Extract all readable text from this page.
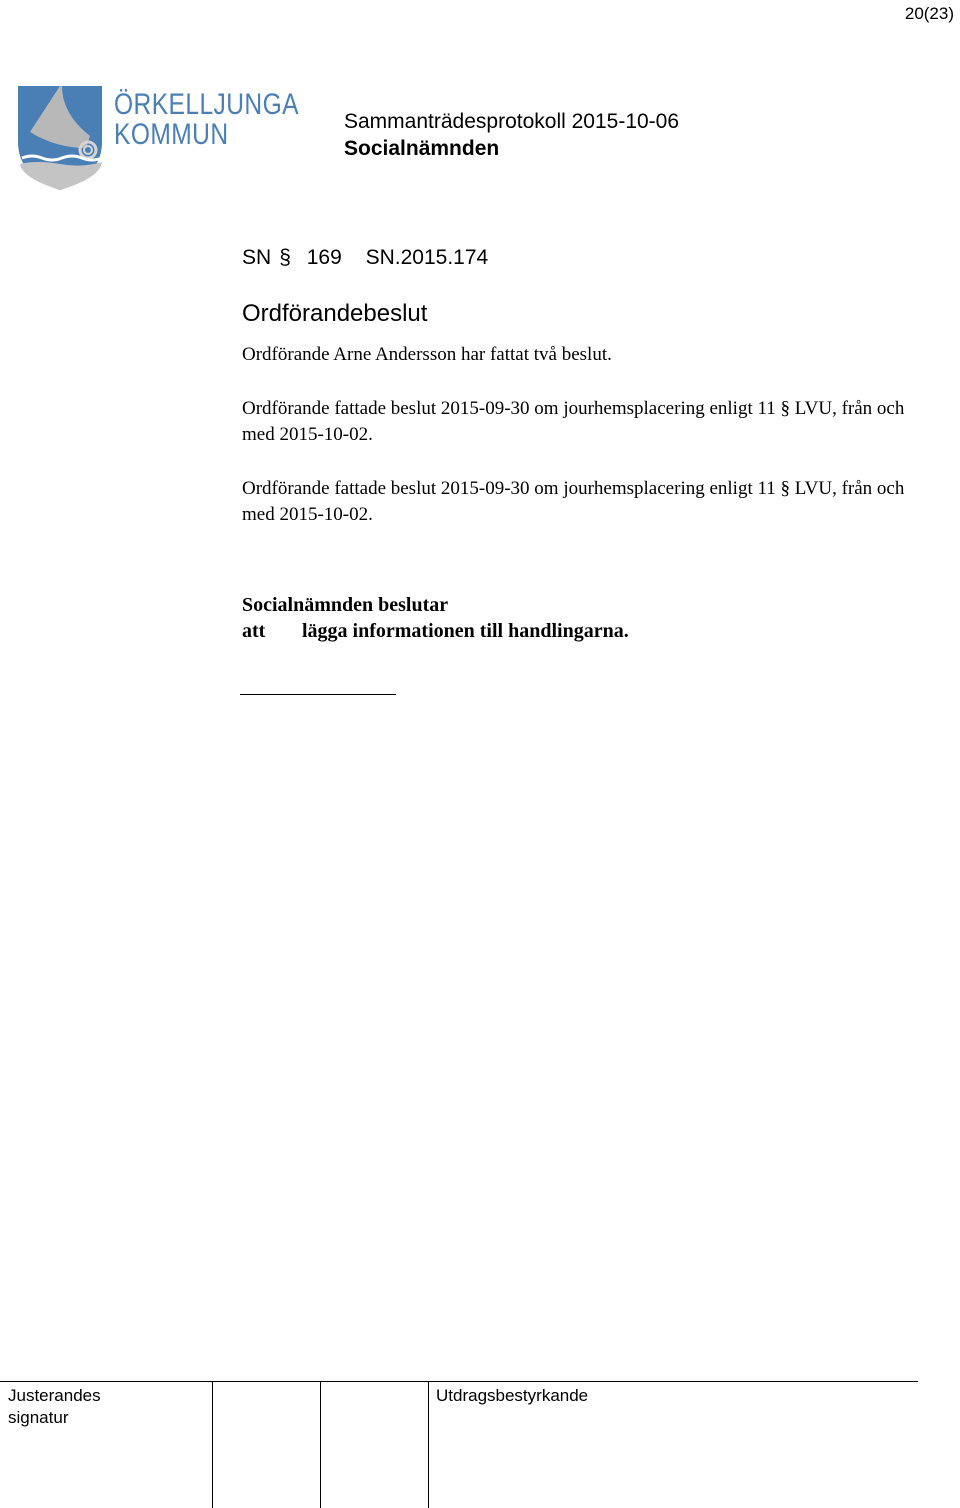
20(23)
ÖRKELLJUNGA
KOMMUN	Sammanträdesprotokoll 2015-10-06
Socialnämnden
SN § 169 SN.2015.174
Ordförandebeslut
Ordförande Arne Andersson har fattat två beslut.
Ordförande fattade beslut 2015-09-30 om jourhemsplacering enligt 11 § LVU, från och med 2015-10-02.
Ordförande fattade beslut 2015-09-30 om jourhemsplacering enligt 11 § LVU, från och med 2015-10-02.
Socialnämnden beslutar
att lägga informationen till handlingarna.
Justerandes signatur
Utdragsbestyrkande
